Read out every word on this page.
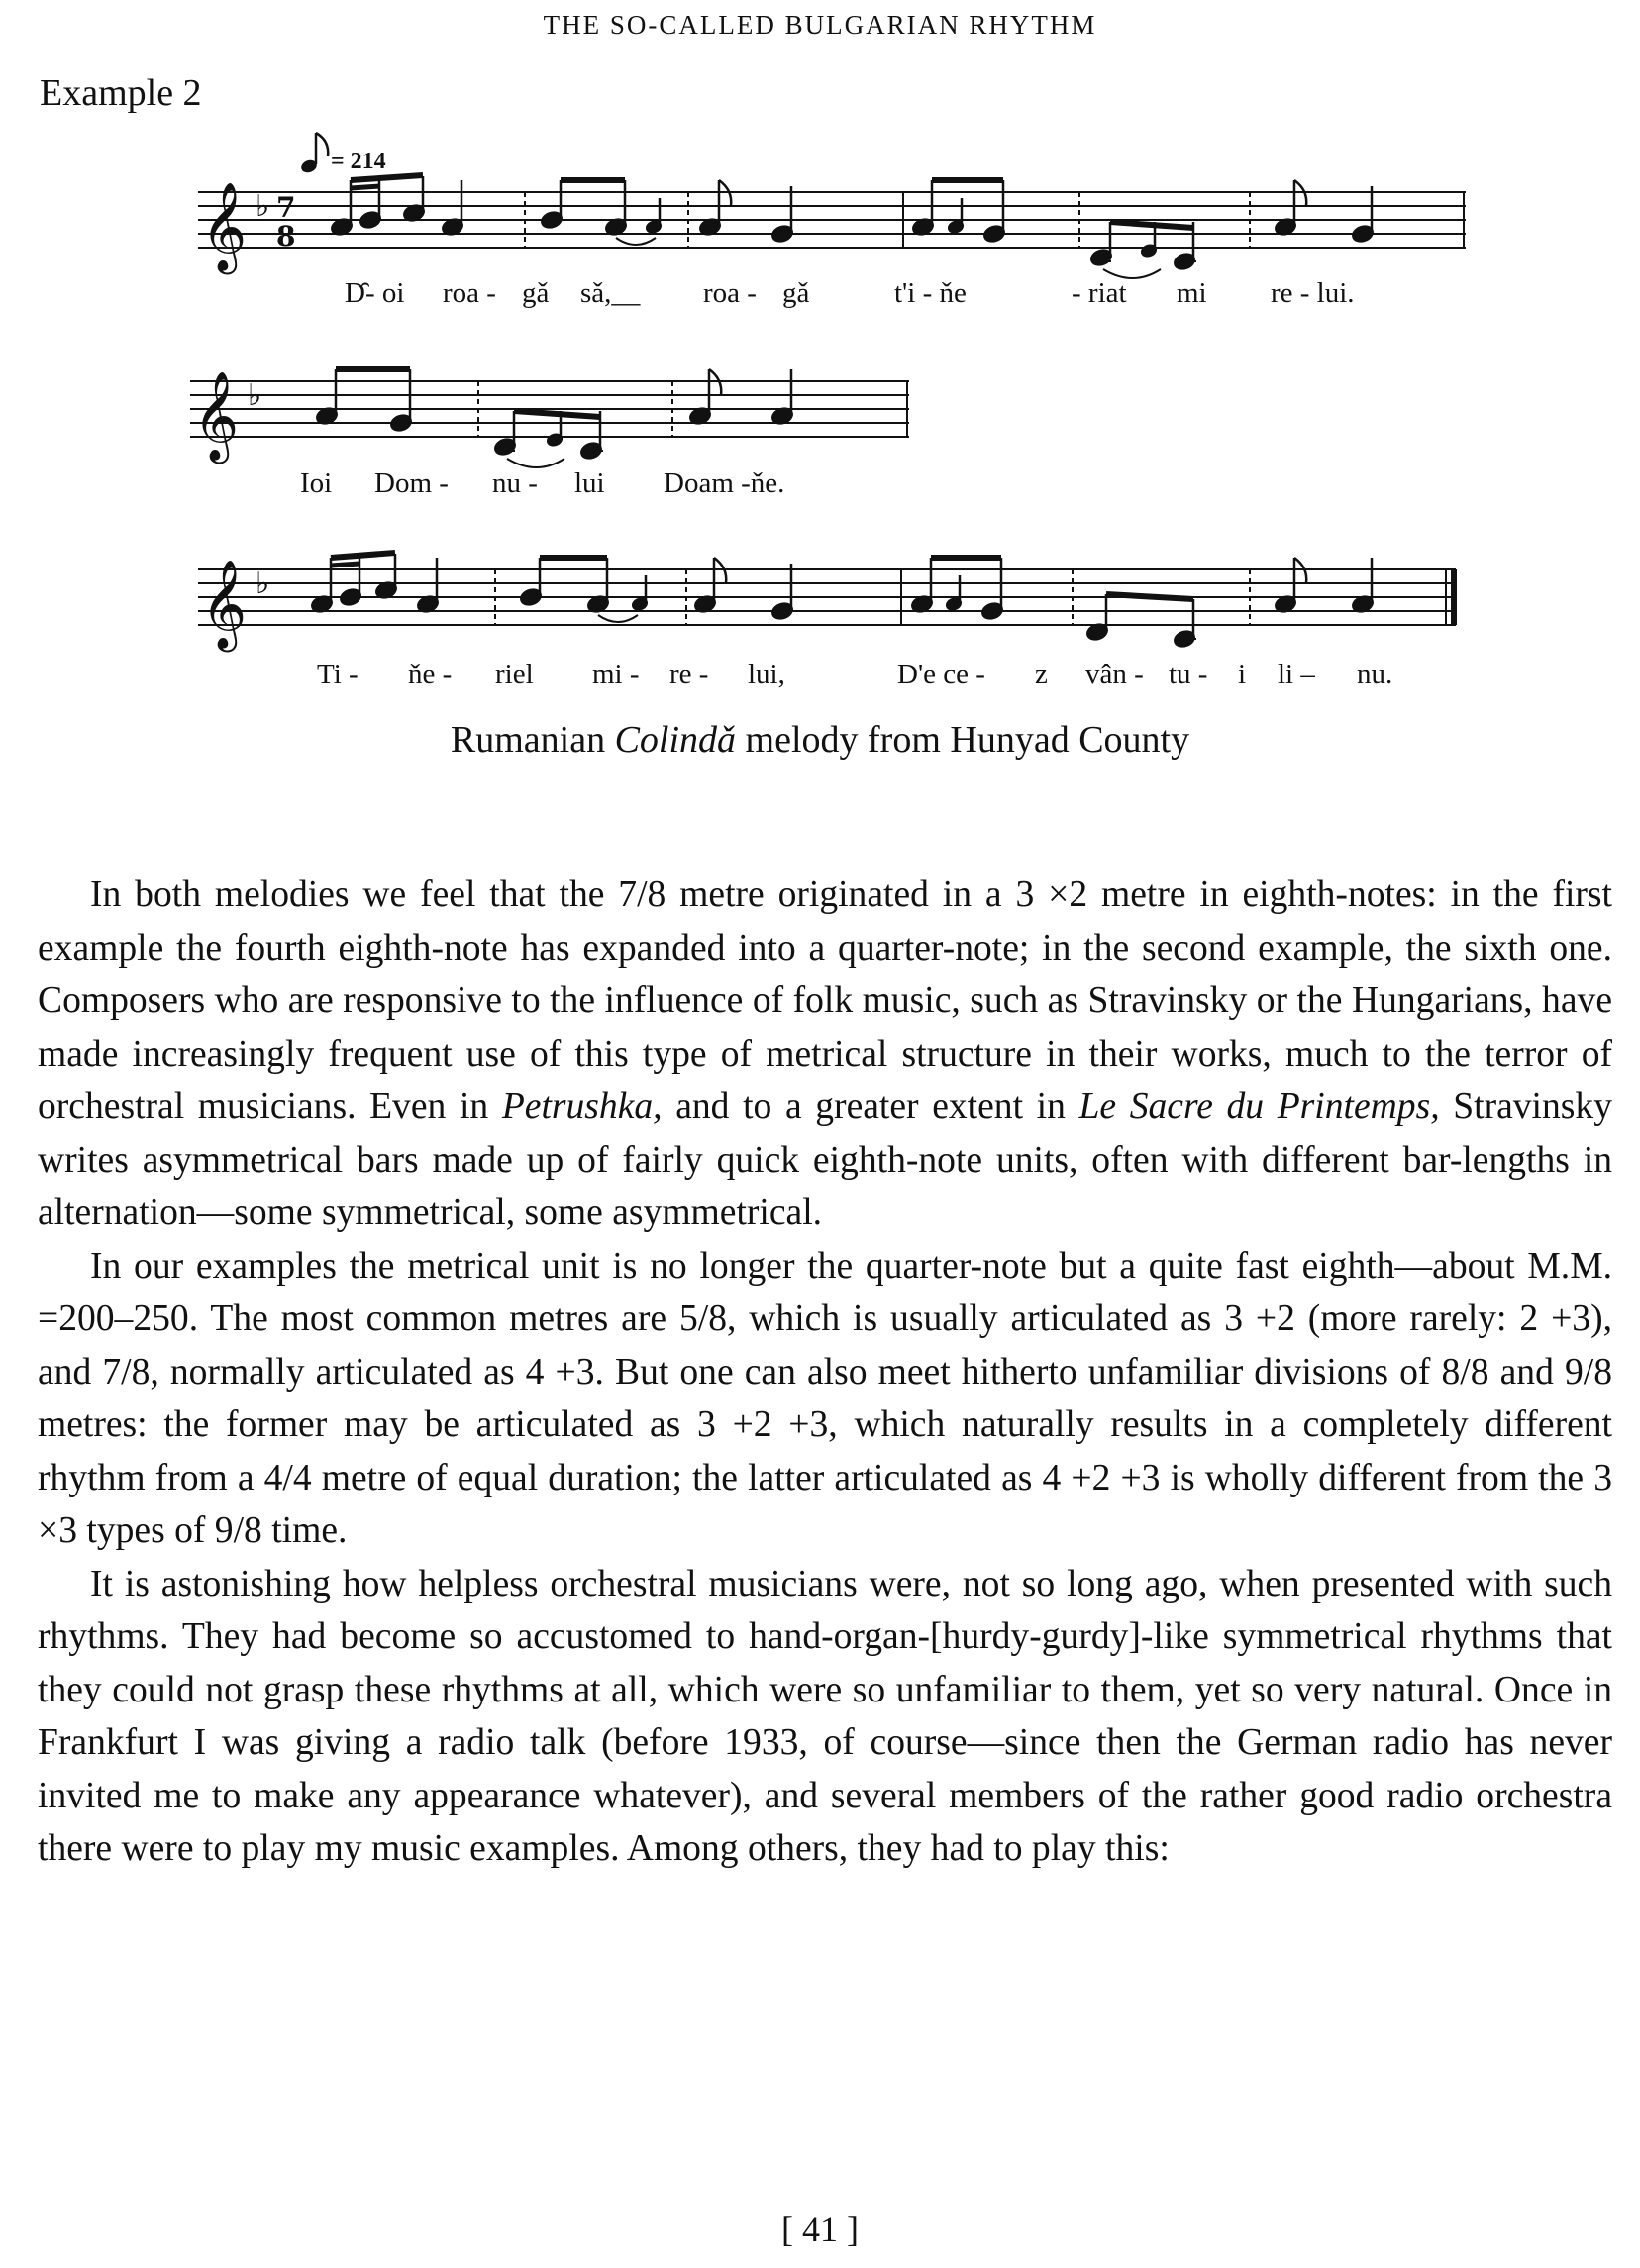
THE SO-CALLED BULGARIAN RHYTHM
Example 2
= 214
𝄞 ♭ 7
8
D̑- oi roa - gǎ sǎ,__ roa - gǎ	t'i - ňe	- riat mi re - lui.
𝄞 ♭
Ioi Dom - nu - lui Doam -ňe.
𝄞 ♭
Ti - ňe - riel mi - re - lui,	D'e ce - z vân - tu - i li – nu.
Rumanian Colindǎ melody from Hunyad County

In both melodies we feel that the 7/8 metre originated in a 3 ×2 metre in eighth-notes: in the first example the fourth eighth-note has expanded into a quarter-note; in the second example, the sixth one. Composers who are responsive to the influence of folk music, such as Stravinsky or the Hungarians, have made increasingly frequent use of this type of metrical structure in their works, much to the terror of orchestral musicians. Even in Petrushka, and to a greater extent in Le Sacre du Printemps, Stravinsky writes asymmetrical bars made up of fairly quick eighth-note units, often with different bar-lengths in alternation—some symmetrical, some asymmetrical.

In our examples the metrical unit is no longer the quarter-note but a quite fast eighth—about M.M. =200–250. The most common metres are 5/8, which is usually articulated as 3 +2 (more rarely: 2 +3), and 7/8, normally articulated as 4 +3. But one can also meet hitherto unfamiliar divisions of 8/8 and 9/8 metres: the former may be articulated as 3 +2 +3, which naturally results in a completely different rhythm from a 4/4 metre of equal duration; the latter articulated as 4 +2 +3 is wholly different from the 3 ×3 types of 9/8 time.

It is astonishing how helpless orchestral musicians were, not so long ago, when presented with such rhythms. They had become so accustomed to hand-organ-[hurdy-gurdy]-like symmetrical rhythms that they could not grasp these rhythms at all, which were so unfamiliar to them, yet so very natural. Once in Frankfurt I was giving a radio talk (before 1933, of course—since then the German radio has never invited me to make any appearance whatever), and several members of the rather good radio orchestra there were to play my music examples. Among others, they had to play this:

[ 41 ]
